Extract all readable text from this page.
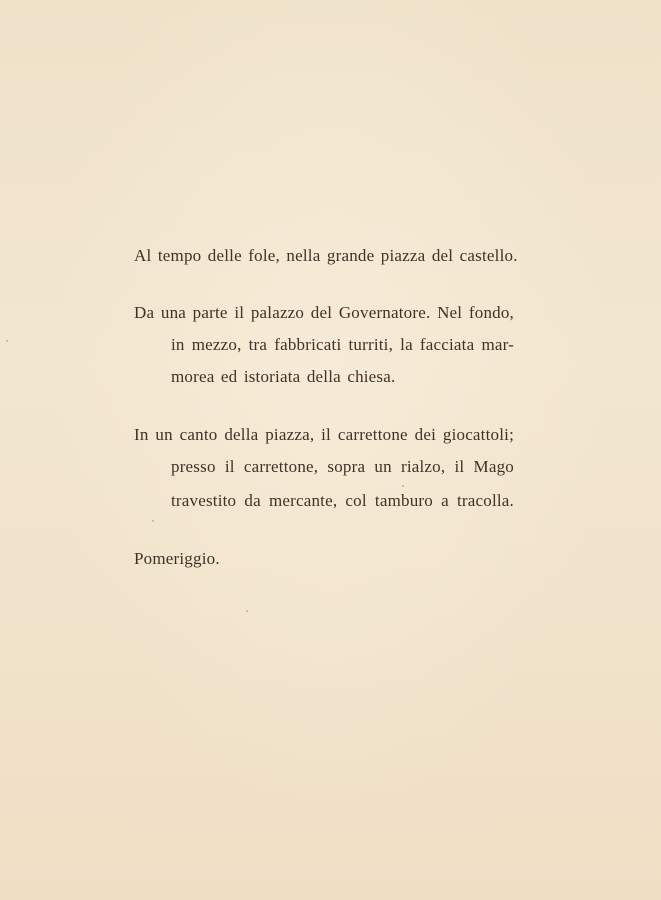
Al tempo delle fole, nella grande piazza del castello.
Da una parte il palazzo del Governatore. Nel fondo,
in mezzo, tra fabbricati turriti, la facciata mar-
morea ed istoriata della chiesa.
In un canto della piazza, il carrettone dei giocattoli;
presso il carrettone, sopra un rialzo, il Mago
travestito da mercante, col tamburo a tracolla.
Pomeriggio.
